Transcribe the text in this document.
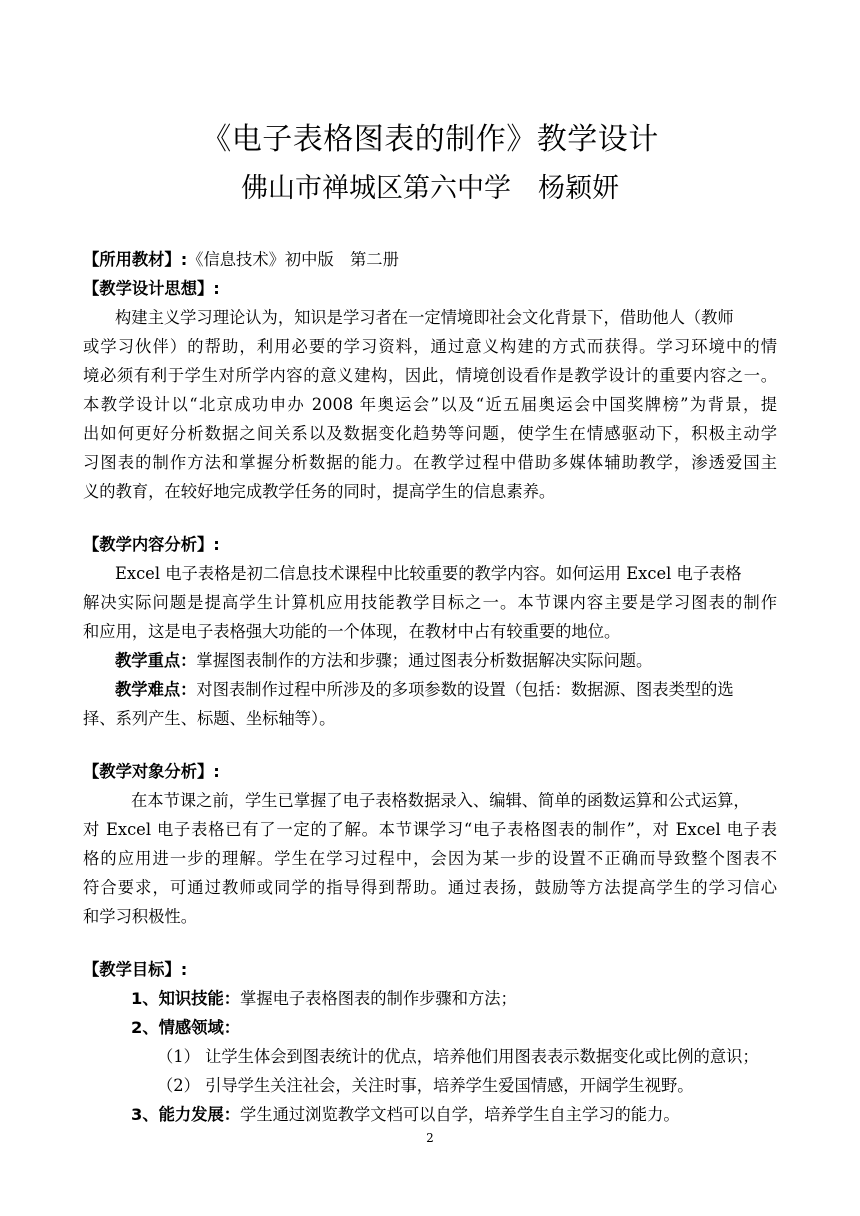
《电子表格图表的制作》教学设计
佛山市禅城区第六中学　杨颖妍
【所用教材】:《信息技术》初中版　第二册
【教学设计思想】:
构建主义学习理论认为，知识是学习者在一定情境即社会文化背景下，借助他人（教师
或学习伙伴）的帮助，利用必要的学习资料，通过意义构建的方式而获得。学习环境中的情
境必须有利于学生对所学内容的意义建构，因此，情境创设看作是教学设计的重要内容之一。
本教学设计以“北京成功申办 2008 年奥运会”以及“近五届奥运会中国奖牌榜”为背景，提
出如何更好分析数据之间关系以及数据变化趋势等问题，使学生在情感驱动下，积极主动学
习图表的制作方法和掌握分析数据的能力。在教学过程中借助多媒体辅助教学，渗透爱国主
义的教育，在较好地完成教学任务的同时，提高学生的信息素养。
【教学内容分析】:
Excel 电子表格是初二信息技术课程中比较重要的教学内容。如何运用 Excel 电子表格
解决实际问题是提高学生计算机应用技能教学目标之一。本节课内容主要是学习图表的制作
和应用，这是电子表格强大功能的一个体现，在教材中占有较重要的地位。
教学重点：掌握图表制作的方法和步骤；通过图表分析数据解决实际问题。
教学难点：对图表制作过程中所涉及的多项参数的设置（包括：数据源、图表类型的选
择、系列产生、标题、坐标轴等）。
【教学对象分析】:
在本节课之前，学生已掌握了电子表格数据录入、编辑、简单的函数运算和公式运算，
对 Excel 电子表格已有了一定的了解。本节课学习“电子表格图表的制作”，对 Excel 电子表
格的应用进一步的理解。学生在学习过程中，会因为某一步的设置不正确而导致整个图表不
符合要求，可通过教师或同学的指导得到帮助。通过表扬，鼓励等方法提高学生的学习信心
和学习积极性。
【教学目标】:
1、知识技能：掌握电子表格图表的制作步骤和方法；
2、情感领域：
（1） 让学生体会到图表统计的优点，培养他们用图表表示数据变化或比例的意识；
（2） 引导学生关注社会，关注时事，培养学生爱国情感，开阔学生视野。
3、能力发展：学生通过浏览教学文档可以自学，培养学生自主学习的能力。
2
